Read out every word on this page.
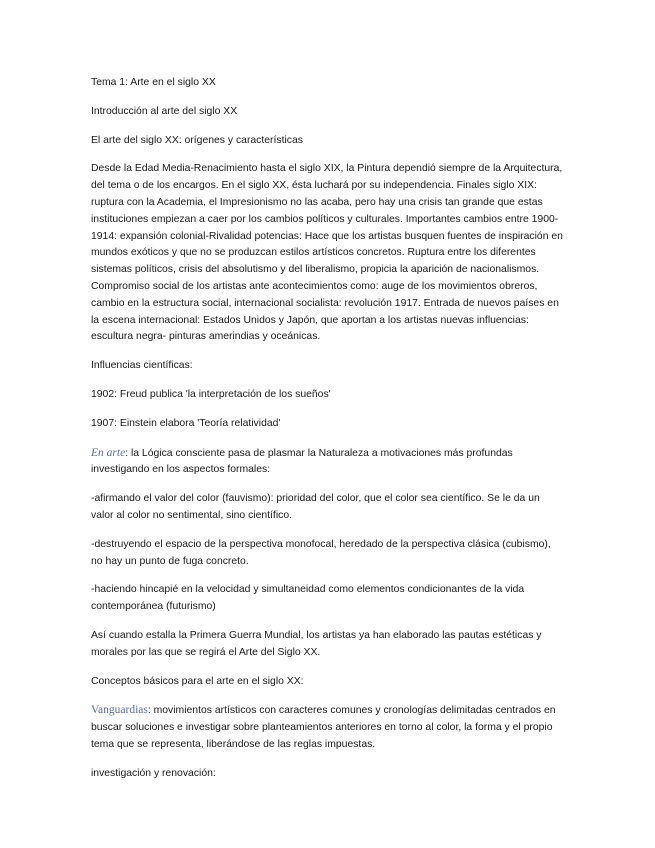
Tema 1: Arte en el siglo XX

Introducción al arte del siglo XX

El arte del siglo XX: orígenes y características

Desde la Edad Media-Renacimiento hasta el siglo XIX, la Pintura dependió siempre de la Arquitectura, del tema o de los encargos. En el siglo XX, ésta luchará por su independencia. Finales siglo XIX: ruptura con la Academia, el Impresionismo no las acaba, pero hay una crisis tan grande que estas instituciones empiezan a caer por los cambios políticos y culturales. Importantes cambios entre 1900-1914: expansión colonial-Rivalidad potencias: Hace que los artistas busquen fuentes de inspiración en mundos exóticos y que no se produzcan estilos artísticos concretos. Ruptura entre los diferentes sistemas políticos, crisis del absolutismo y del liberalismo, propicia la aparición de nacionalismos. Compromiso social de los artistas ante acontecimientos como: auge de los movimientos obreros, cambio en la estructura social, internacional socialista: revolución 1917. Entrada de nuevos países en la escena internacional: Estados Unidos y Japón, que aportan a los artistas nuevas influencias: escultura negra- pinturas amerindias y oceánicas.

Influencias científicas:

1902: Freud publica 'la interpretación de los sueños'

1907: Einstein elabora 'Teoría relatividad'

En arte: la Lógica consciente pasa de plasmar la Naturaleza a motivaciones más profundas investigando en los aspectos formales:

-afirmando el valor del color (fauvismo): prioridad del color, que el color sea científico. Se le da un valor al color no sentimental, sino científico.

-destruyendo el espacio de la perspectiva monofocal, heredado de la perspectiva clásica (cubismo), no hay un punto de fuga concreto.

-haciendo hincapié en la velocidad y simultaneidad como elementos condicionantes de la vida contemporánea (futurismo)

Así cuando estalla la Primera Guerra Mundial, los artistas ya han elaborado las pautas estéticas y morales por las que se regirá el Arte del Siglo XX.

Conceptos básicos para el arte en el siglo XX:

Vanguardias: movimientos artísticos con caracteres comunes y cronologías delimitadas centrados en buscar soluciones e investigar sobre planteamientos anteriores en torno al color, la forma y el propio tema que se representa, liberándose de las reglas impuestas.

investigación y renovación:
